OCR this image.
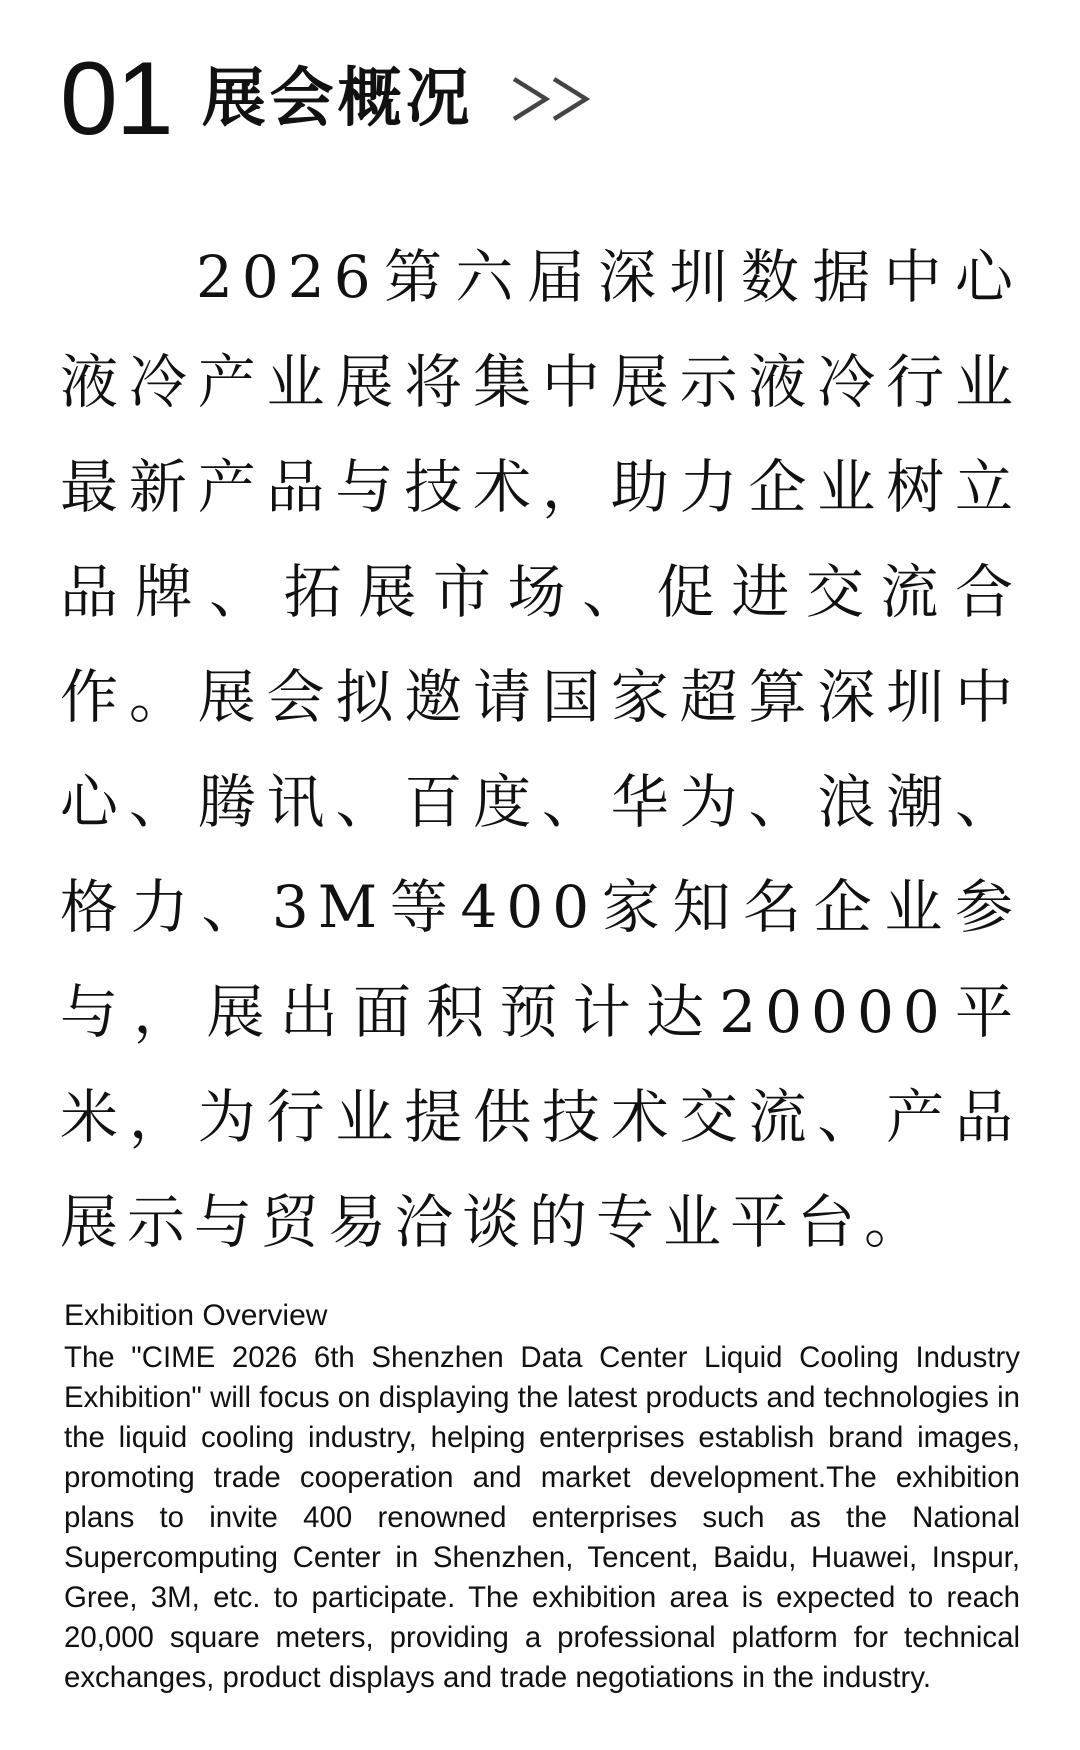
01 展会概况

2026第六届深圳数据中心液冷产业展将集中展示液冷行业最新产品与技术，助力企业树立品牌、拓展市场、促进交流合作。展会拟邀请国家超算深圳中心、腾讯、百度、华为、浪潮、格力、3M等400家知名企业参与，展出面积预计达20000平米，为行业提供技术交流、产品展示与贸易洽谈的专业平台。

Exhibition Overview

The "CIME 2026 6th Shenzhen Data Center Liquid Cooling Industry Exhibition" will focus on displaying the latest products and technologies in the liquid cooling industry, helping enterprises establish brand images, promoting trade cooperation and market development.The exhibition plans to invite 400 renowned enterprises such as the National Supercomputing Center in Shenzhen, Tencent, Baidu, Huawei, Inspur, Gree, 3M, etc. to participate. The exhibition area is expected to reach 20,000 square meters, providing a professional platform for technical exchanges, product displays and trade negotiations in the industry.
